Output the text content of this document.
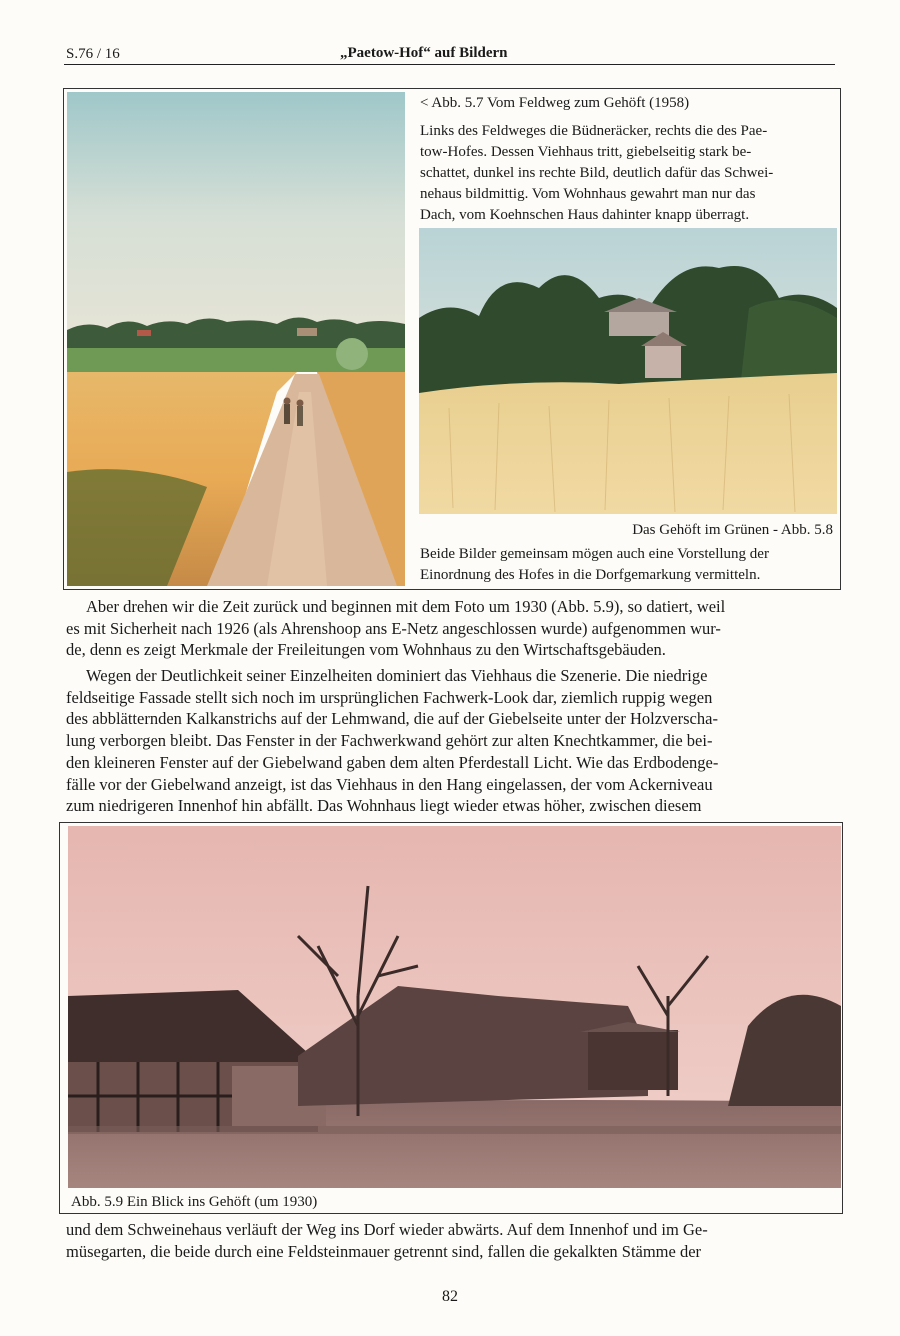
S.76 / 16	„Paetow-Hof“ auf Bildern
< Abb. 5.7 Vom Feldweg zum Gehöft (1958)
Links des Feldweges die Büdneräcker, rechts die des Pae-
tow-Hofes. Dessen Viehhaus tritt, giebelseitig stark be-
schattet, dunkel ins rechte Bild, deutlich dafür das Schwei-
nehaus bildmittig. Vom Wohnhaus gewahrt man nur das
Dach, vom Koehnschen Haus dahinter knapp überragt.
Das Gehöft im Grünen - Abb. 5.8
Beide Bilder gemeinsam mögen auch eine Vorstellung der
Einordnung des Hofes in die Dorfgemarkung vermitteln.
Aber drehen wir die Zeit zurück und beginnen mit dem Foto um 1930 (Abb. 5.9), so datiert, weil
es mit Sicherheit nach 1926 (als Ahrenshoop ans E-Netz angeschlossen wurde) aufgenommen wur-
de, denn es zeigt Merkmale der Freileitungen vom Wohnhaus zu den Wirtschaftsgebäuden.
Wegen der Deutlichkeit seiner Einzelheiten dominiert das Viehhaus die Szenerie. Die niedrige
feldseitige Fassade stellt sich noch im ursprünglichen Fachwerk-Look dar, ziemlich ruppig wegen
des abblätternden Kalkanstrichs auf der Lehmwand, die auf der Giebelseite unter der Holzverscha-
lung verborgen bleibt. Das Fenster in der Fachwerkwand gehört zur alten Knechtkammer, die bei-
den kleineren Fenster auf der Giebelwand gaben dem alten Pferdestall Licht. Wie das Erdbodenge-
fälle vor der Giebelwand anzeigt, ist das Viehhaus in den Hang eingelassen, der vom Ackerniveau
zum niedrigeren Innenhof hin abfällt. Das Wohnhaus liegt wieder etwas höher, zwischen diesem
Abb. 5.9 Ein Blick ins Gehöft (um 1930)
und dem Schweinehaus verläuft der Weg ins Dorf wieder abwärts. Auf dem Innenhof und im Ge-
müsegarten, die beide durch eine Feldsteinmauer getrennt sind, fallen die gekalkten Stämme der
82
